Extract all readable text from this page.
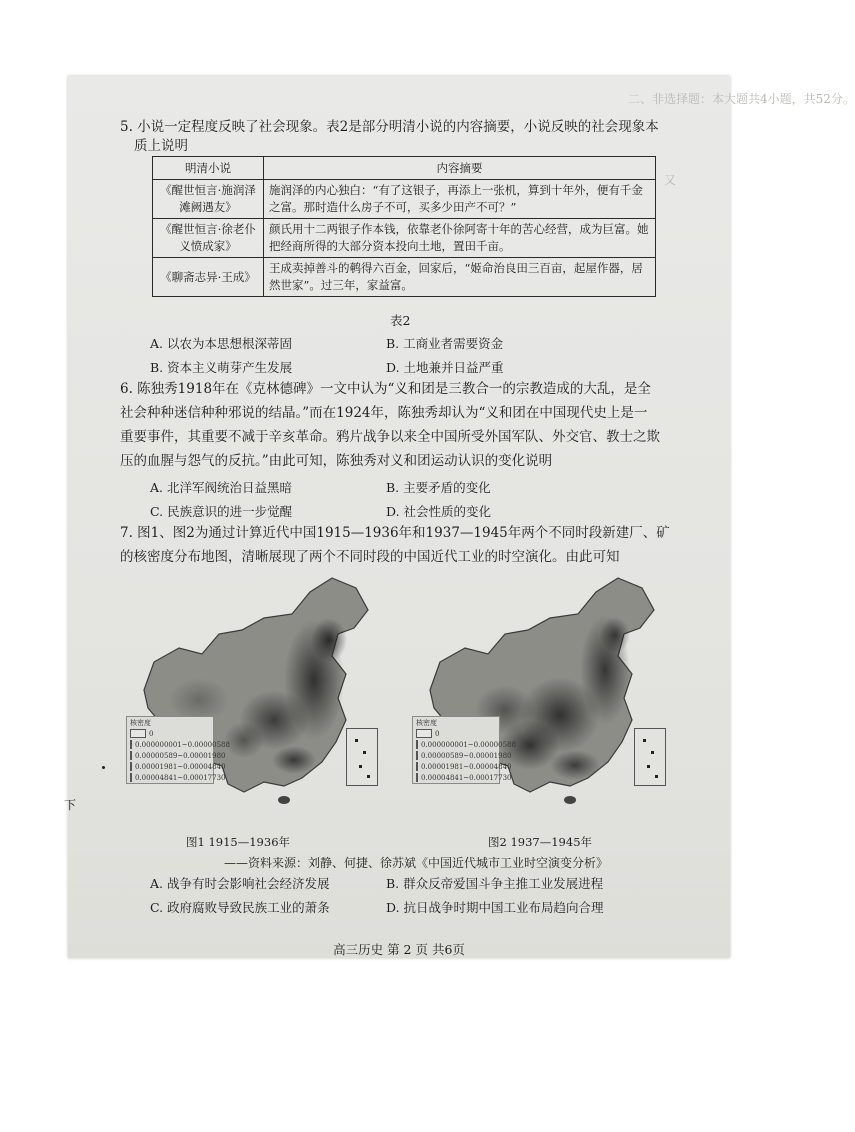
二、非选择题：本大题共4小题，共52分。
又
5. 小说一定程度反映了社会现象。表2是部分明清小说的内容摘要，小说反映的社会现象本
质上说明
明清小说	内容摘要
《醒世恒言·施润泽滩阙遇友》	施润泽的内心独白：“有了这银子，再添上一张机，算到十年外，便有千金之富。那时造什么房子不可，买多少田产不可？”
《醒世恒言·徐老仆义愤成家》	颜氏用十二两银子作本钱，依靠老仆徐阿寄十年的苦心经营，成为巨富。她把经商所得的大部分资本投向土地，置田千亩。
《聊斋志异·王成》	王成卖掉善斗的鹌得六百金，回家后，“姬命治良田三百亩，起屋作器，居然世家”。过三年，家益富。
表2
A. 以农为本思想根深蒂固	B. 工商业者需要资金
B. 资本主义萌芽产生发展	D. 土地兼并日益严重
6. 陈独秀1918年在《克林德碑》一文中认为“义和团是三教合一的宗教造成的大乱，是全
社会种种迷信种种邪说的结晶。”而在1924年，陈独秀却认为“义和团在中国现代史上是一
重要事件，其重要不减于辛亥革命。鸦片战争以来全中国所受外国军队、外交官、教士之欺
压的血腥与怨气的反抗。”由此可知，陈独秀对义和团运动认识的变化说明
A. 北洋军阀统治日益黑暗	B. 主要矛盾的变化
C. 民族意识的进一步觉醒	D. 社会性质的变化
7. 图1、图2为通过计算近代中国1915—1936年和1937—1945年两个不同时段新建厂、矿
的核密度分布地图，清晰展现了两个不同时段的中国近代工业的时空演化。由此可知
核密度
0
0.000000001~0.00000588
0.00000589~0.00001980
0.00001981~0.00004840
0.00004841~0.00017730
图1 1915—1936年
核密度
0
0.000000001~0.00000588
0.00000589~0.00001980
0.00001981~0.00004840
0.00004841~0.00017730
图2 1937—1945年
——资料来源：刘静、何捷、徐苏斌《中国近代城市工业时空演变分析》
A. 战争有时会影响社会经济发展	B. 群众反帝爱国斗争主推工业发展进程
C. 政府腐败导致民族工业的萧条	D. 抗日战争时期中国工业布局趋向合理
高三历史 第 2 页 共6页
下
